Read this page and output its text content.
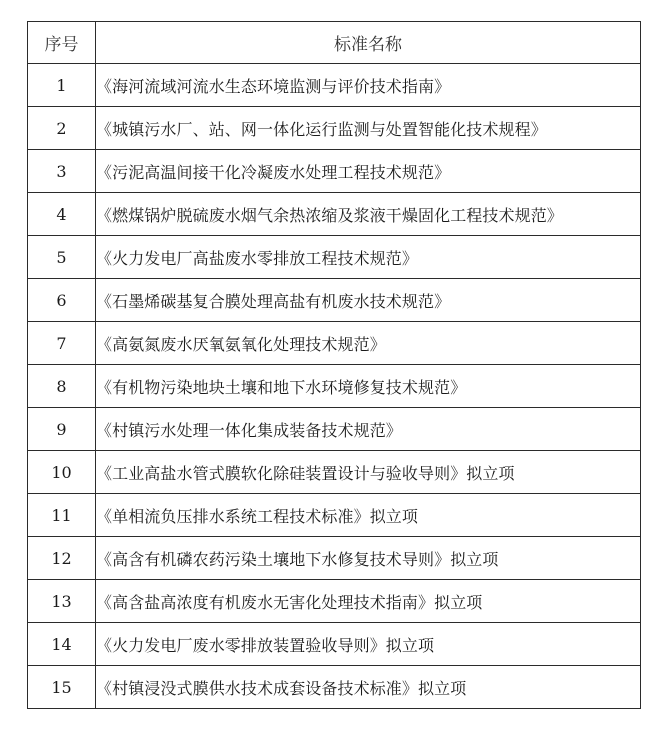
序号	标准名称
1	《海河流域河流水生态环境监测与评价技术指南》
2	《城镇污水厂、站、网一体化运行监测与处置智能化技术规程》
3	《污泥高温间接干化冷凝废水处理工程技术规范》
4	《燃煤锅炉脱硫废水烟气余热浓缩及浆液干燥固化工程技术规范》
5	《火力发电厂高盐废水零排放工程技术规范》
6	《石墨烯碳基复合膜处理高盐有机废水技术规范》
7	《高氨氮废水厌氧氨氧化处理技术规范》
8	《有机物污染地块土壤和地下水环境修复技术规范》
9	《村镇污水处理一体化集成装备技术规范》
10	《工业高盐水管式膜软化除硅装置设计与验收导则》拟立项
11	《单相流负压排水系统工程技术标准》拟立项
12	《高含有机磷农药污染土壤地下水修复技术导则》拟立项
13	《高含盐高浓度有机废水无害化处理技术指南》拟立项
14	《火力发电厂废水零排放装置验收导则》拟立项
15	《村镇浸没式膜供水技术成套设备技术标准》拟立项
